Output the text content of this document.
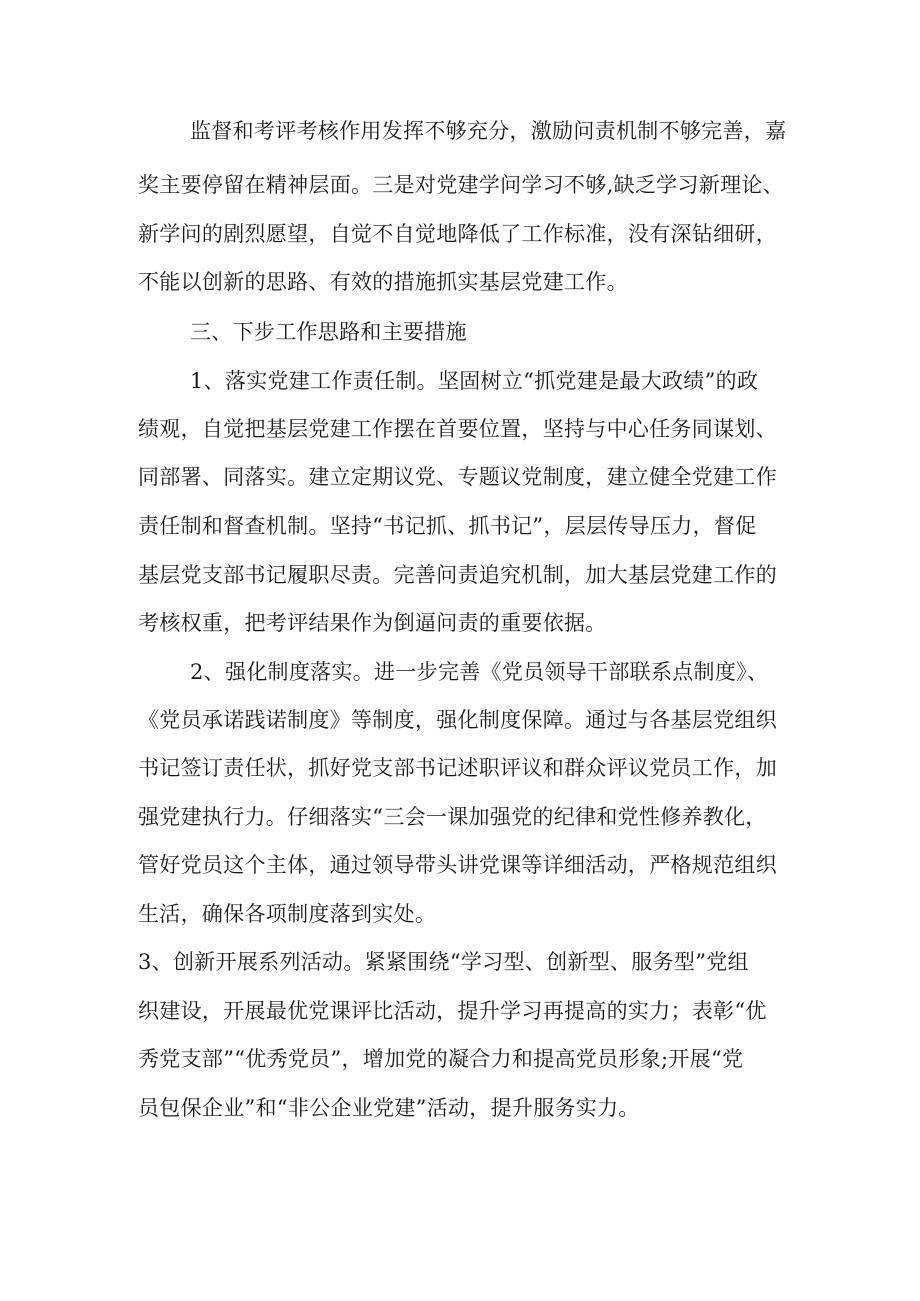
监督和考评考核作用发挥不够充分，激励问责机制不够完善，嘉
奖主要停留在精神层面。三是对党建学问学习不够,缺乏学习新理论、
新学问的剧烈愿望，自觉不自觉地降低了工作标准，没有深钻细研，
不能以创新的思路、有效的措施抓实基层党建工作。
三、下步工作思路和主要措施
1、落实党建工作责任制。坚固树立“抓党建是最大政绩”的政
绩观，自觉把基层党建工作摆在首要位置，坚持与中心任务同谋划、
同部署、同落实。建立定期议党、专题议党制度，建立健全党建工作
责任制和督查机制。坚持“书记抓、抓书记”，层层传导压力，督促
基层党支部书记履职尽责。完善问责追究机制，加大基层党建工作的
考核权重，把考评结果作为倒逼问责的重要依据。
2、强化制度落实。进一步完善《党员领导干部联系点制度》、
《党员承诺践诺制度》等制度，强化制度保障。通过与各基层党组织
书记签订责任状，抓好党支部书记述职评议和群众评议党员工作，加
强党建执行力。仔细落实“三会一课加强党的纪律和党性修养教化，
管好党员这个主体，通过领导带头讲党课等详细活动，严格规范组织
生活，确保各项制度落到实处。
3、创新开展系列活动。紧紧围绕“学习型、创新型、服务型”党组
织建设，开展最优党课评比活动，提升学习再提高的实力；表彰“优
秀党支部”“优秀党员”，增加党的凝合力和提高党员形象;开展“党
员包保企业”和“非公企业党建”活动，提升服务实力。
